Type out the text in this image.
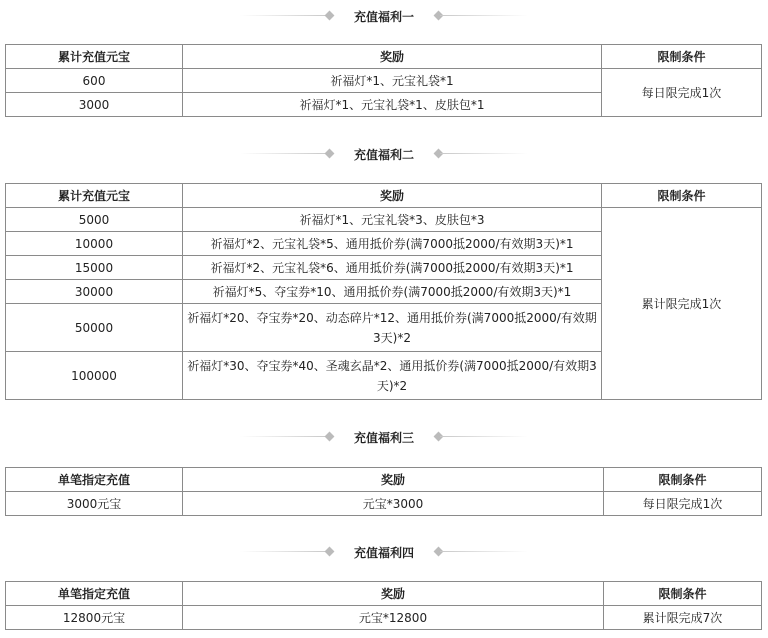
充值福利一
累计充值元宝	奖励	限制条件
600	祈福灯*1、元宝礼袋*1	每日限完成1次
3000	祈福灯*1、元宝礼袋*1、皮肤包*1	
充值福利二
累计充值元宝	奖励	限制条件
5000	祈福灯*1、元宝礼袋*3、皮肤包*3	累计限完成1次
10000	祈福灯*2、元宝礼袋*5、通用抵价券(满7000抵2000/有效期3天)*1	
15000	祈福灯*2、元宝礼袋*6、通用抵价券(满7000抵2000/有效期3天)*1	
30000	祈福灯*5、夺宝券*10、通用抵价券(满7000抵2000/有效期3天)*1	
50000	祈福灯*20、夺宝券*20、动态碎片*12、通用抵价券(满7000抵2000/有效期3天)*2	
100000	祈福灯*30、夺宝券*40、圣魂玄晶*2、通用抵价券(满7000抵2000/有效期3天)*2	
充值福利三
单笔指定充值	奖励	限制条件
3000元宝	元宝*3000	每日限完成1次
充值福利四
单笔指定充值	奖励	限制条件
12800元宝	元宝*12800	累计限完成7次
